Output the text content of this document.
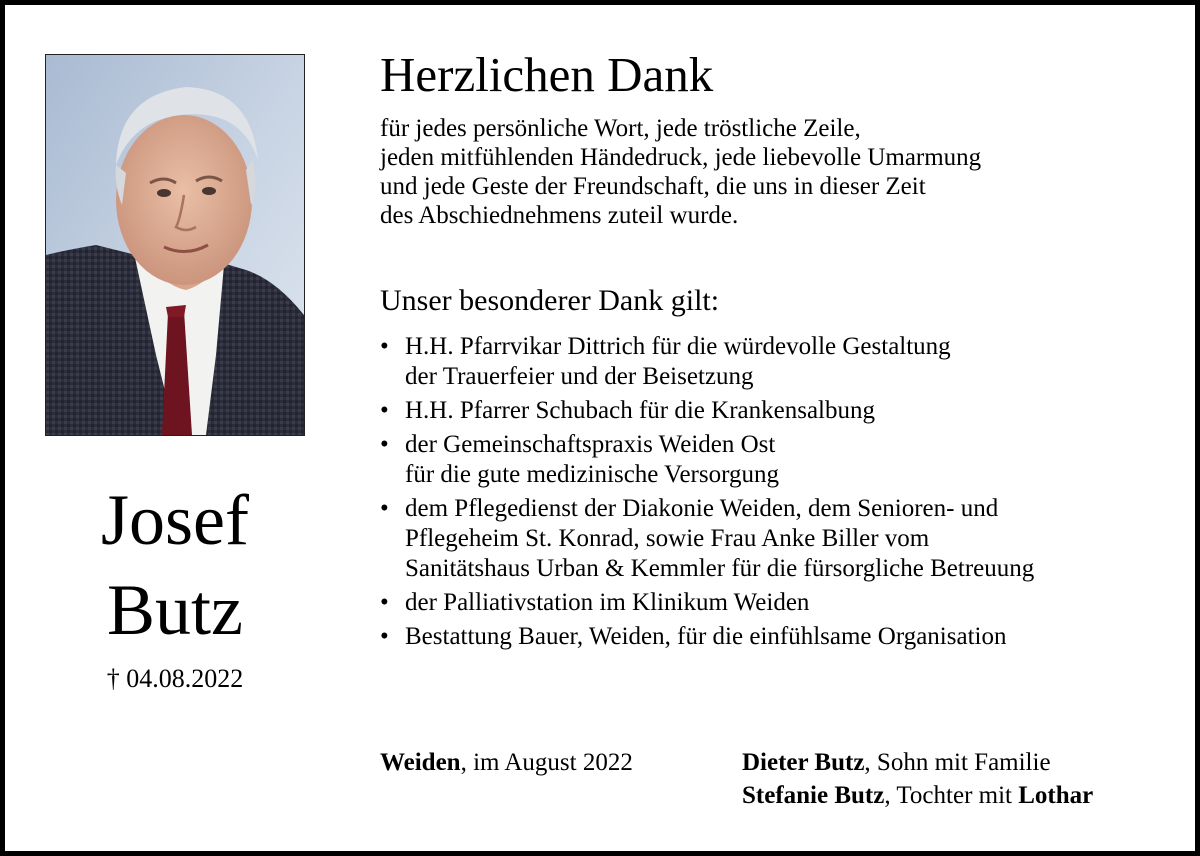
Josef
Butz
† 04.08.2022
Herzlichen Dank
für jedes persönliche Wort, jede tröstliche Zeile,
jeden mitfühlenden Händedruck, jede liebevolle Umarmung
und jede Geste der Freundschaft, die uns in dieser Zeit
des Abschiednehmens zuteil wurde.
Unser besonderer Dank gilt:
• H.H. Pfarrvikar Dittrich für die würdevolle Gestaltung
der Trauerfeier und der Beisetzung
• H.H. Pfarrer Schubach für die Krankensalbung
• der Gemeinschaftspraxis Weiden Ost
für die gute medizinische Versorgung
• dem Pflegedienst der Diakonie Weiden, dem Senioren- und
Pflegeheim St. Konrad, sowie Frau Anke Biller vom
Sanitätshaus Urban & Kemmler für die fürsorgliche Betreuung
• der Palliativstation im Klinikum Weiden
• Bestattung Bauer, Weiden, für die einfühlsame Organisation
Weiden, im August 2022	Dieter Butz, Sohn mit Familie
Stefanie Butz, Tochter mit Lothar
